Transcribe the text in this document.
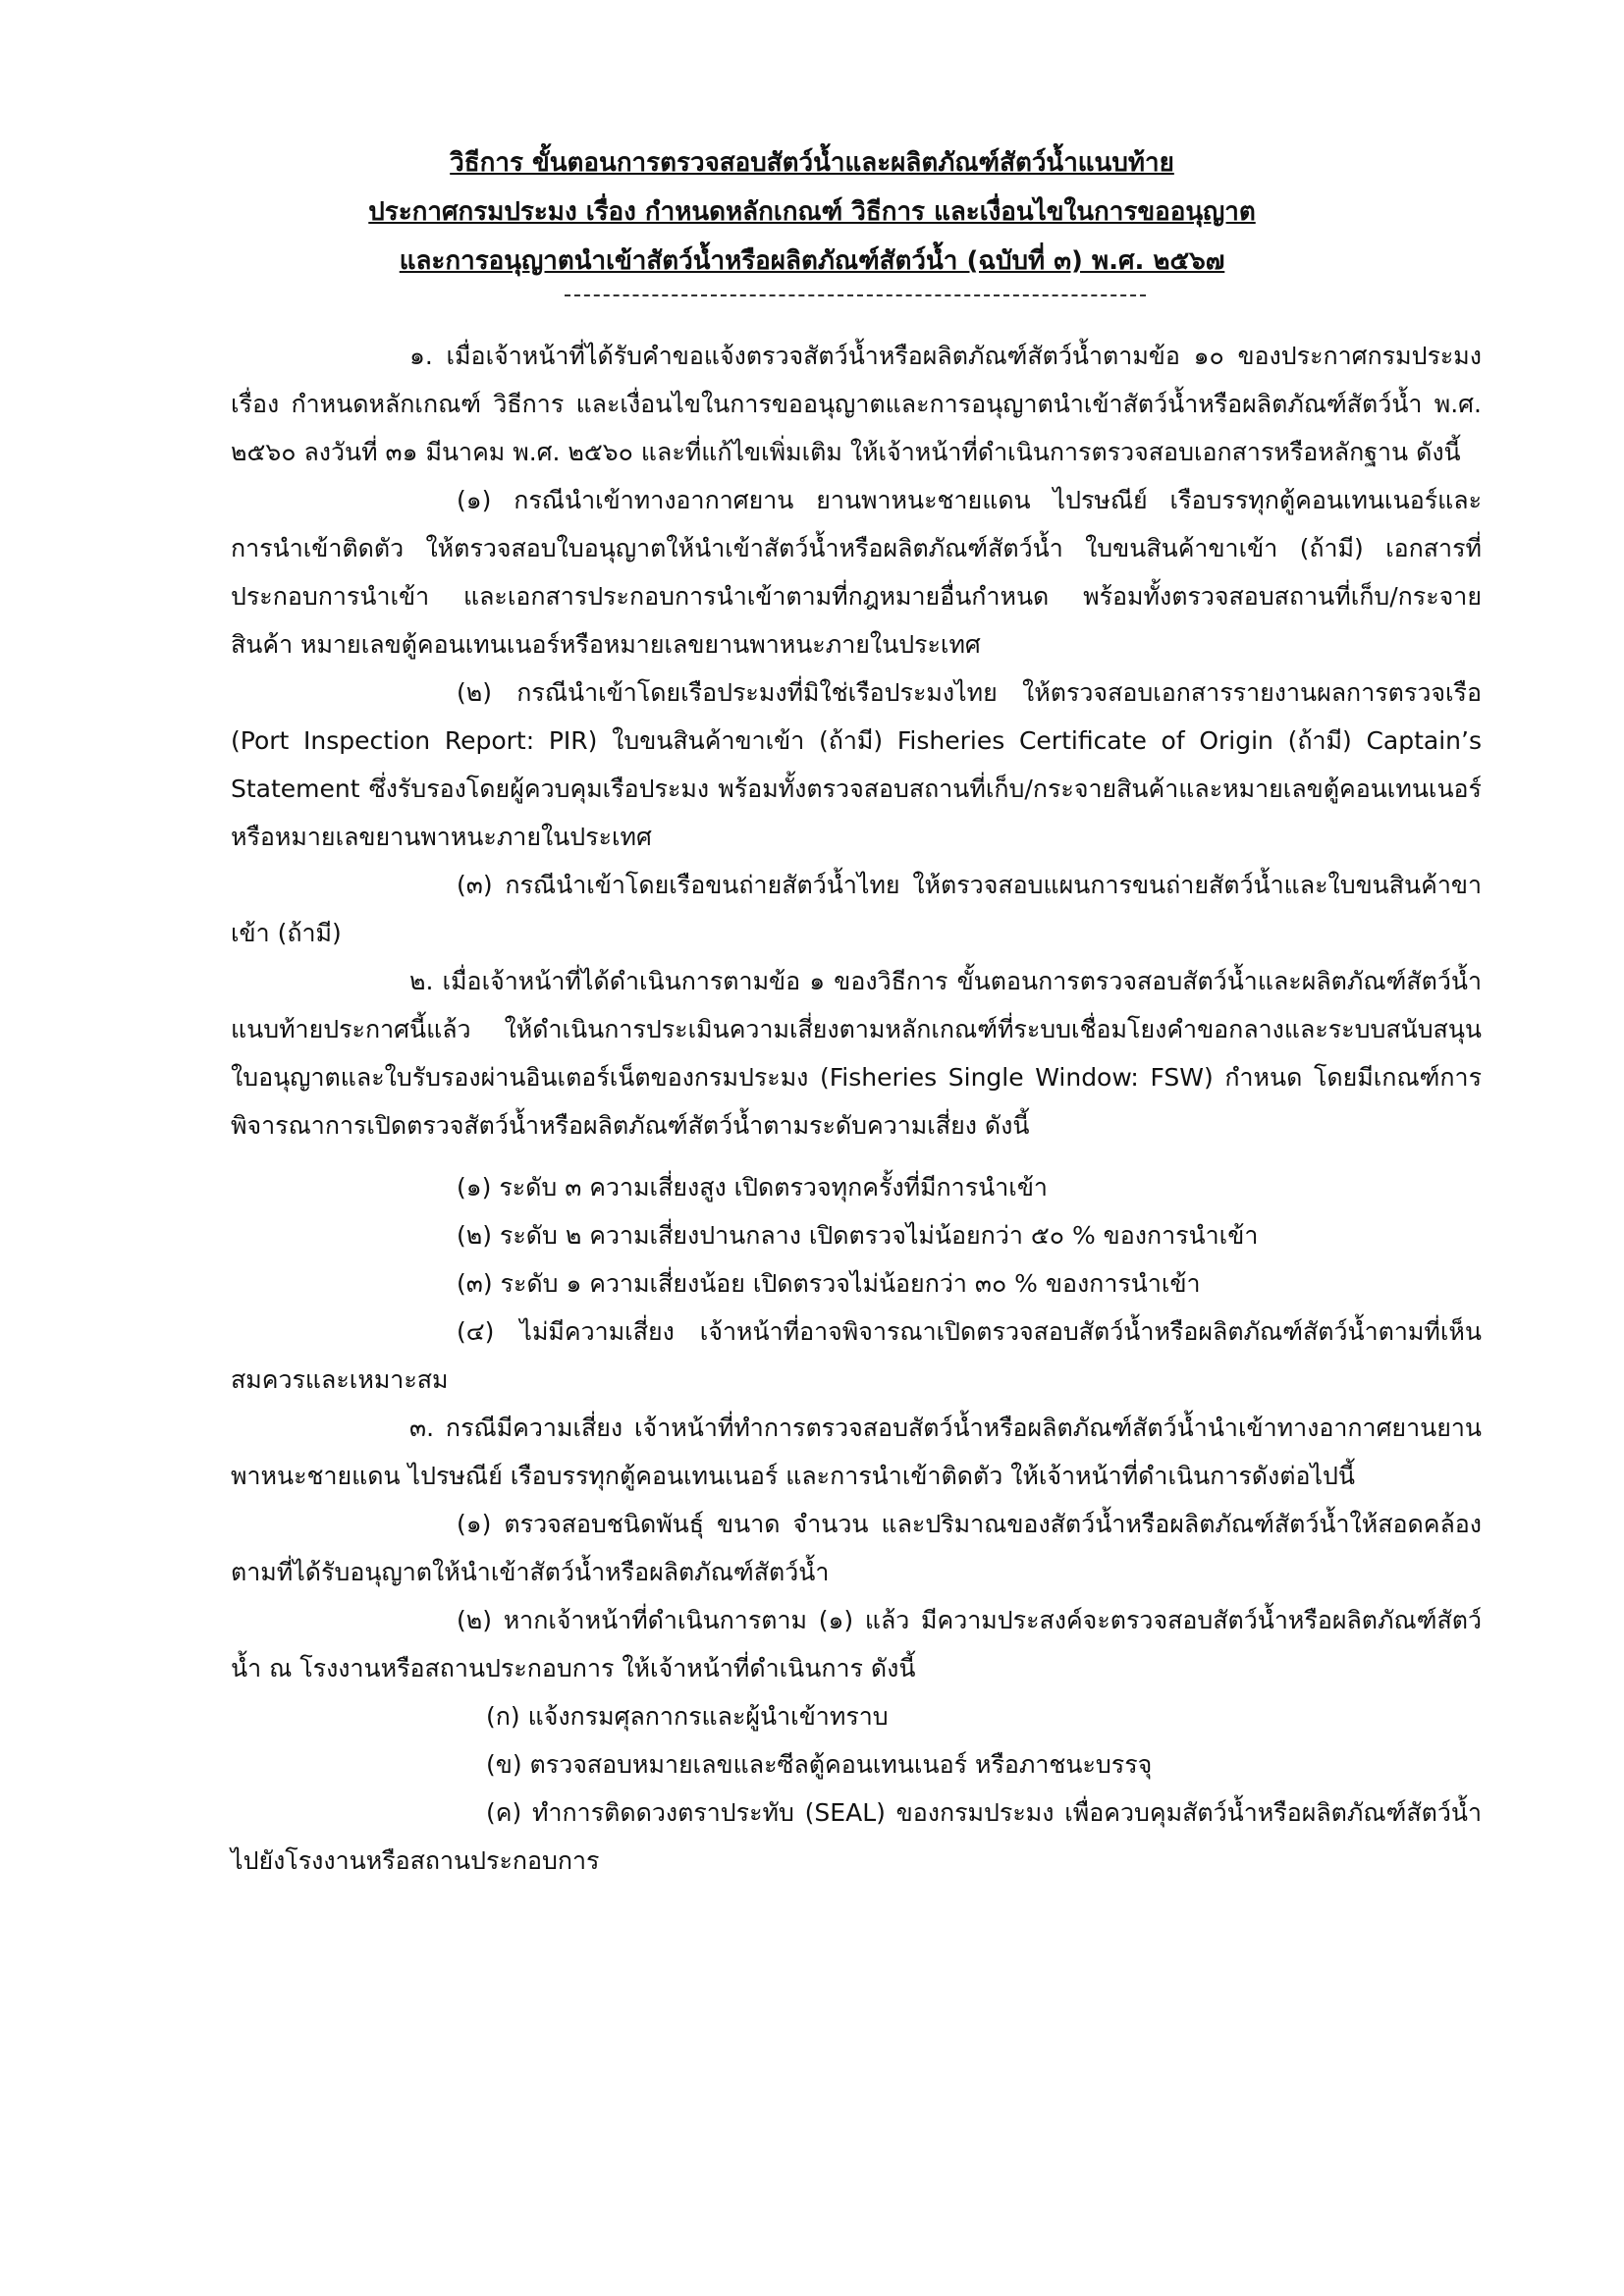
วิธีการ ขั้นตอนการตรวจสอบสัตว์น้ำและผลิตภัณฑ์สัตว์น้ำแนบท้าย
ประกาศกรมประมง เรื่อง กำหนดหลักเกณฑ์ วิธีการ และเงื่อนไขในการขออนุญาต
และการอนุญาตนำเข้าสัตว์น้ำหรือผลิตภัณฑ์สัตว์น้ำ (ฉบับที่ ๓) พ.ศ. ๒๕๖๗

๑. เมื่อเจ้าหน้าที่ได้รับคำขอแจ้งตรวจสัตว์น้ำหรือผลิตภัณฑ์สัตว์น้ำตามข้อ ๑๐ ของประกาศกรมประมง เรื่อง กำหนดหลักเกณฑ์ วิธีการ และเงื่อนไขในการขออนุญาตและการอนุญาตนำเข้าสัตว์น้ำหรือผลิตภัณฑ์สัตว์น้ำ พ.ศ. ๒๕๖๐ ลงวันที่ ๓๑ มีนาคม พ.ศ. ๒๕๖๐ และที่แก้ไขเพิ่มเติม ให้เจ้าหน้าที่ดำเนินการตรวจสอบเอกสารหรือหลักฐาน ดังนี้

(๑) กรณีนำเข้าทางอากาศยาน ยานพาหนะชายแดน ไปรษณีย์ เรือบรรทุกตู้คอนเทนเนอร์และการนำเข้าติดตัว ให้ตรวจสอบใบอนุญาตให้นำเข้าสัตว์น้ำหรือผลิตภัณฑ์สัตว์น้ำ ใบขนสินค้าขาเข้า (ถ้ามี) เอกสารที่ประกอบการนำเข้า และเอกสารประกอบการนำเข้าตามที่กฎหมายอื่นกำหนด พร้อมทั้งตรวจสอบสถานที่เก็บ/กระจายสินค้า หมายเลขตู้คอนเทนเนอร์หรือหมายเลขยานพาหนะภายในประเทศ

(๒) กรณีนำเข้าโดยเรือประมงที่มิใช่เรือประมงไทย ให้ตรวจสอบเอกสารรายงานผลการตรวจเรือ (Port Inspection Report: PIR) ใบขนสินค้าขาเข้า (ถ้ามี) Fisheries Certificate of Origin (ถ้ามี) Captain’s Statement ซึ่งรับรองโดยผู้ควบคุมเรือประมง พร้อมทั้งตรวจสอบสถานที่เก็บ/กระจายสินค้าและหมายเลขตู้คอนเทนเนอร์หรือหมายเลขยานพาหนะภายในประเทศ

(๓) กรณีนำเข้าโดยเรือขนถ่ายสัตว์น้ำไทย ให้ตรวจสอบแผนการขนถ่ายสัตว์น้ำและใบขนสินค้าขาเข้า (ถ้ามี)

๒. เมื่อเจ้าหน้าที่ได้ดำเนินการตามข้อ ๑ ของวิธีการ ขั้นตอนการตรวจสอบสัตว์น้ำและผลิตภัณฑ์สัตว์น้ำแนบท้ายประกาศนี้แล้ว ให้ดำเนินการประเมินความเสี่ยงตามหลักเกณฑ์ที่ระบบเชื่อมโยงคำขอกลางและระบบสนับสนุนใบอนุญาตและใบรับรองผ่านอินเตอร์เน็ตของกรมประมง (Fisheries Single Window: FSW) กำหนด โดยมีเกณฑ์การพิจารณาการเปิดตรวจสัตว์น้ำหรือผลิตภัณฑ์สัตว์น้ำตามระดับความเสี่ยง ดังนี้

(๑) ระดับ ๓ ความเสี่ยงสูง เปิดตรวจทุกครั้งที่มีการนำเข้า

(๒) ระดับ ๒ ความเสี่ยงปานกลาง เปิดตรวจไม่น้อยกว่า ๕๐ % ของการนำเข้า

(๓) ระดับ ๑ ความเสี่ยงน้อย เปิดตรวจไม่น้อยกว่า ๓๐ % ของการนำเข้า

(๔) ไม่มีความเสี่ยง เจ้าหน้าที่อาจพิจารณาเปิดตรวจสอบสัตว์น้ำหรือผลิตภัณฑ์สัตว์น้ำตามที่เห็นสมควรและเหมาะสม

๓. กรณีมีความเสี่ยง เจ้าหน้าที่ทำการตรวจสอบสัตว์น้ำหรือผลิตภัณฑ์สัตว์น้ำนำเข้าทางอากาศยานยานพาหนะชายแดน ไปรษณีย์ เรือบรรทุกตู้คอนเทนเนอร์ และการนำเข้าติดตัว ให้เจ้าหน้าที่ดำเนินการดังต่อไปนี้

(๑) ตรวจสอบชนิดพันธุ์ ขนาด จำนวน และปริมาณของสัตว์น้ำหรือผลิตภัณฑ์สัตว์น้ำให้สอดคล้องตามที่ได้รับอนุญาตให้นำเข้าสัตว์น้ำหรือผลิตภัณฑ์สัตว์น้ำ

(๒) หากเจ้าหน้าที่ดำเนินการตาม (๑) แล้ว มีความประสงค์จะตรวจสอบสัตว์น้ำหรือผลิตภัณฑ์สัตว์น้ำ ณ โรงงานหรือสถานประกอบการ ให้เจ้าหน้าที่ดำเนินการ ดังนี้

(ก) แจ้งกรมศุลกากรและผู้นำเข้าทราบ

(ข) ตรวจสอบหมายเลขและซีลตู้คอนเทนเนอร์ หรือภาชนะบรรจุ

(ค) ทำการติดดวงตราประทับ (SEAL) ของกรมประมง เพื่อควบคุมสัตว์น้ำหรือผลิตภัณฑ์สัตว์น้ำไปยังโรงงานหรือสถานประกอบการ
